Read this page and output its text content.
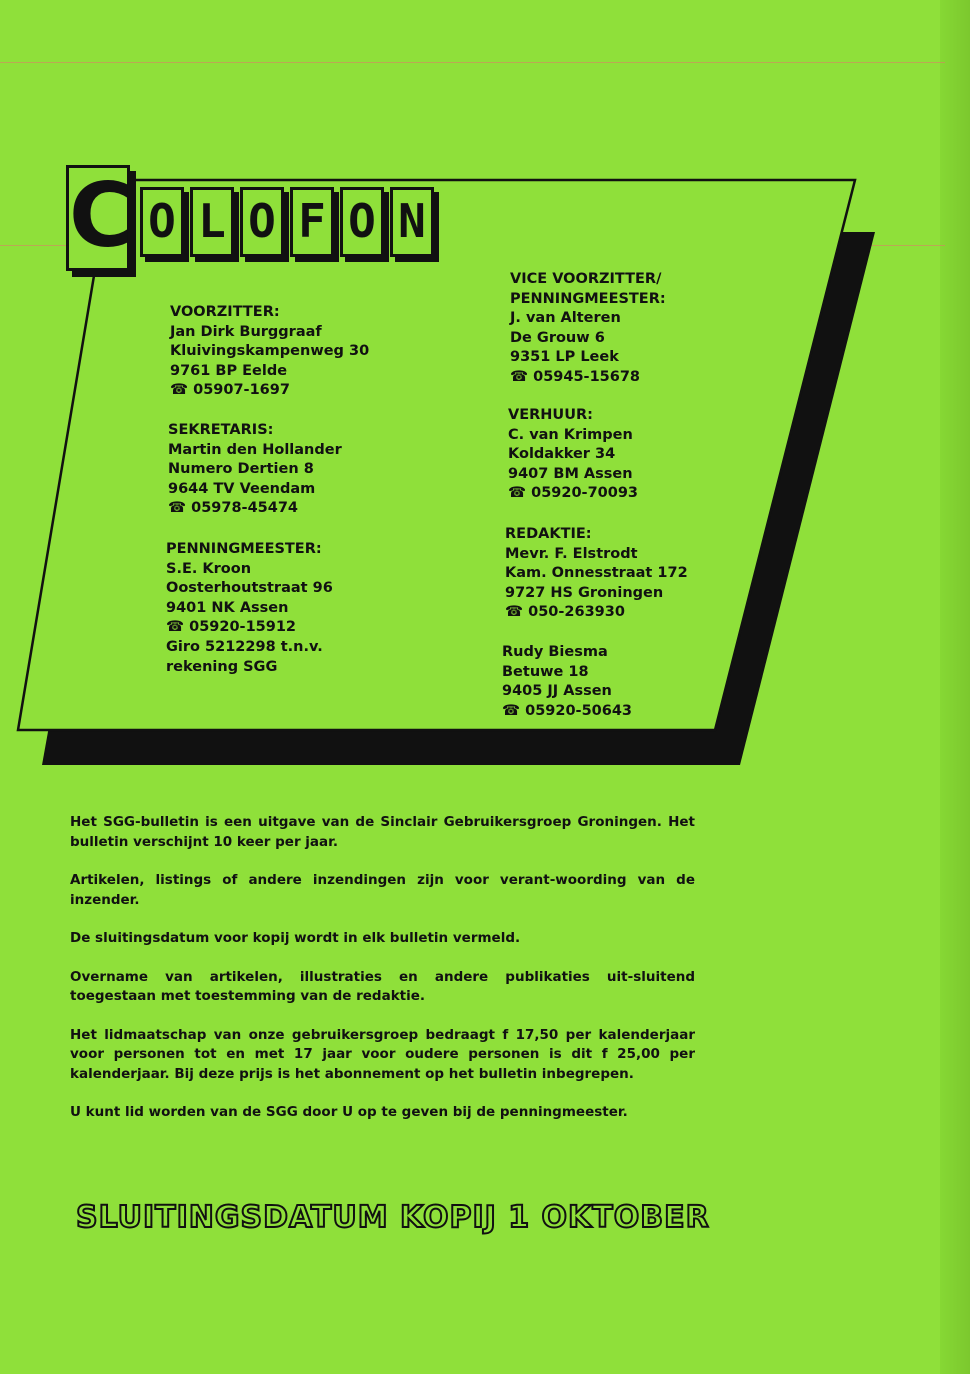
C O L O F O N
VOORZITTER:
Jan Dirk Burggraaf
Kluivingskampenweg 30
9761 BP Eelde
☎ 05907-1697
SEKRETARIS:
Martin den Hollander
Numero Dertien 8
9644 TV Veendam
☎ 05978-45474
PENNINGMEESTER:
S.E. Kroon
Oosterhoutstraat 96
9401 NK Assen
☎ 05920-15912
Giro 5212298 t.n.v.
rekening SGG
VICE VOORZITTER/
PENNINGMEESTER:
J. van Alteren
De Grouw 6
9351 LP Leek
☎ 05945-15678
VERHUUR:
C. van Krimpen
Koldakker 34
9407 BM Assen
☎ 05920-70093
REDAKTIE:
Mevr. F. Elstrodt
Kam. Onnesstraat 172
9727 HS Groningen
☎ 050-263930
Rudy Biesma
Betuwe 18
9405 JJ Assen
☎ 05920-50643

Het SGG-bulletin is een uitgave van de Sinclair Gebruikersgroep Groningen. Het bulletin verschijnt 10 keer per jaar.

Artikelen, listings of andere inzendingen zijn voor verant-woording van de inzender.

De sluitingsdatum voor kopij wordt in elk bulletin vermeld.

Overname van artikelen, illustraties en andere publikaties uit-sluitend toegestaan met toestemming van de redaktie.

Het lidmaatschap van onze gebruikersgroep bedraagt f 17,50 per kalenderjaar voor personen tot en met 17 jaar voor oudere personen is dit f 25,00 per kalenderjaar. Bij deze prijs is het abonnement op het bulletin inbegrepen.

U kunt lid worden van de SGG door U op te geven bij de penningmeester.

SLUITINGSDATUM KOPIJ 1 OKTOBER
